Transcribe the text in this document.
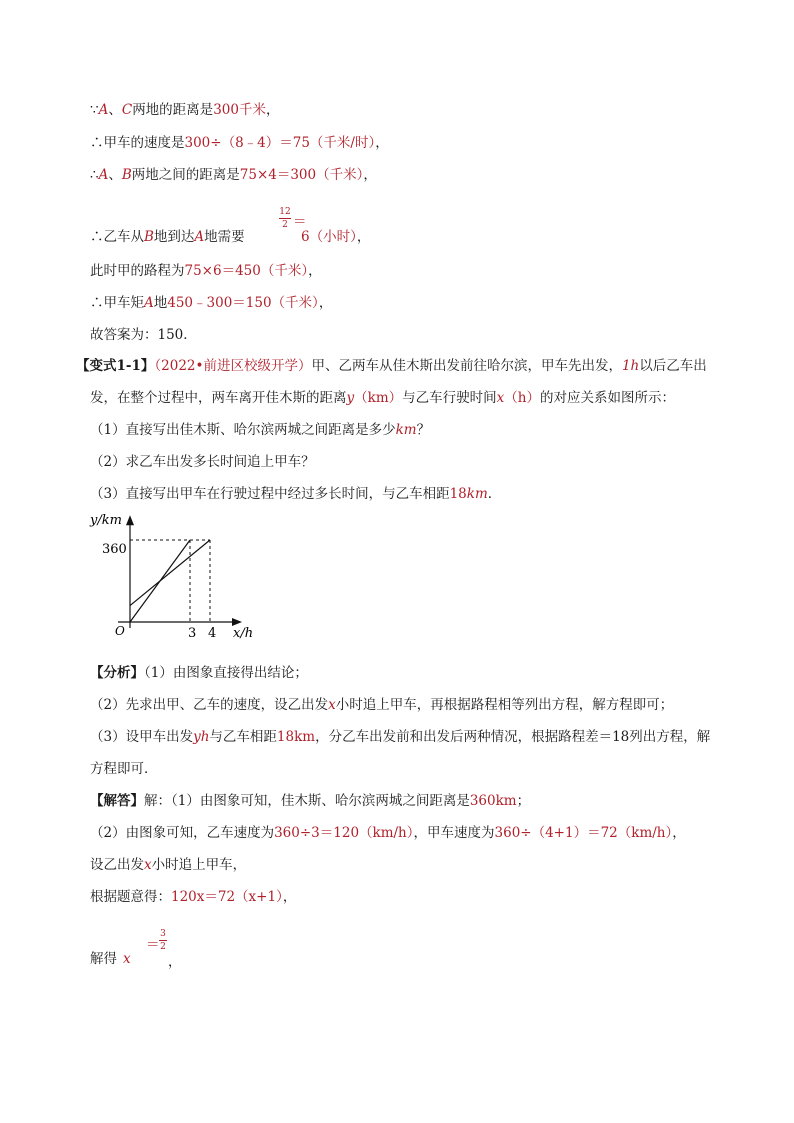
∵A、C两地的距离是300千米，
∴甲车的速度是300÷（8﹣4）＝75（千米/时），
∴A、B两地之间的距离是75×4＝300（千米），
∴乙车从B地到达A地需要
12
2 ＝
6（小时），
此时甲的路程为75×6＝450（千米），
∴甲车矩A地450﹣300＝150（千米），
故答案为：150．
【变式1-1】（2022•前进区校级开学）甲、乙两车从佳木斯出发前往哈尔滨，甲车先出发，1h以后乙车出
发，在整个过程中，两车离开佳木斯的距离y（km）与乙车行驶时间x（h）的对应关系如图所示：
（1）直接写出佳木斯、哈尔滨两城之间距离是多少km？
（2）求乙车出发多长时间追上甲车？
（3）直接写出甲车在行驶过程中经过多长时间，与乙车相距18km．
y/km
x/h
O
360
3 4
【分析】（1）由图象直接得出结论；
（2）先求出甲、乙车的速度，设乙出发x小时追上甲车，再根据路程相等列出方程，解方程即可；
（3）设甲车出发yh与乙车相距18km，分乙车出发前和出发后两种情况，根据路程差＝18列出方程，解
方程即可．
【解答】解：（1）由图象可知，佳木斯、哈尔滨两城之间距离是360km；
（2）由图象可知，乙车速度为360÷3＝120（km/h），甲车速度为360÷（4+1）＝72（km/h），
设乙出发x小时追上甲车，
根据题意得：120x＝72（x+1），
解得 x
＝
3
2
，
